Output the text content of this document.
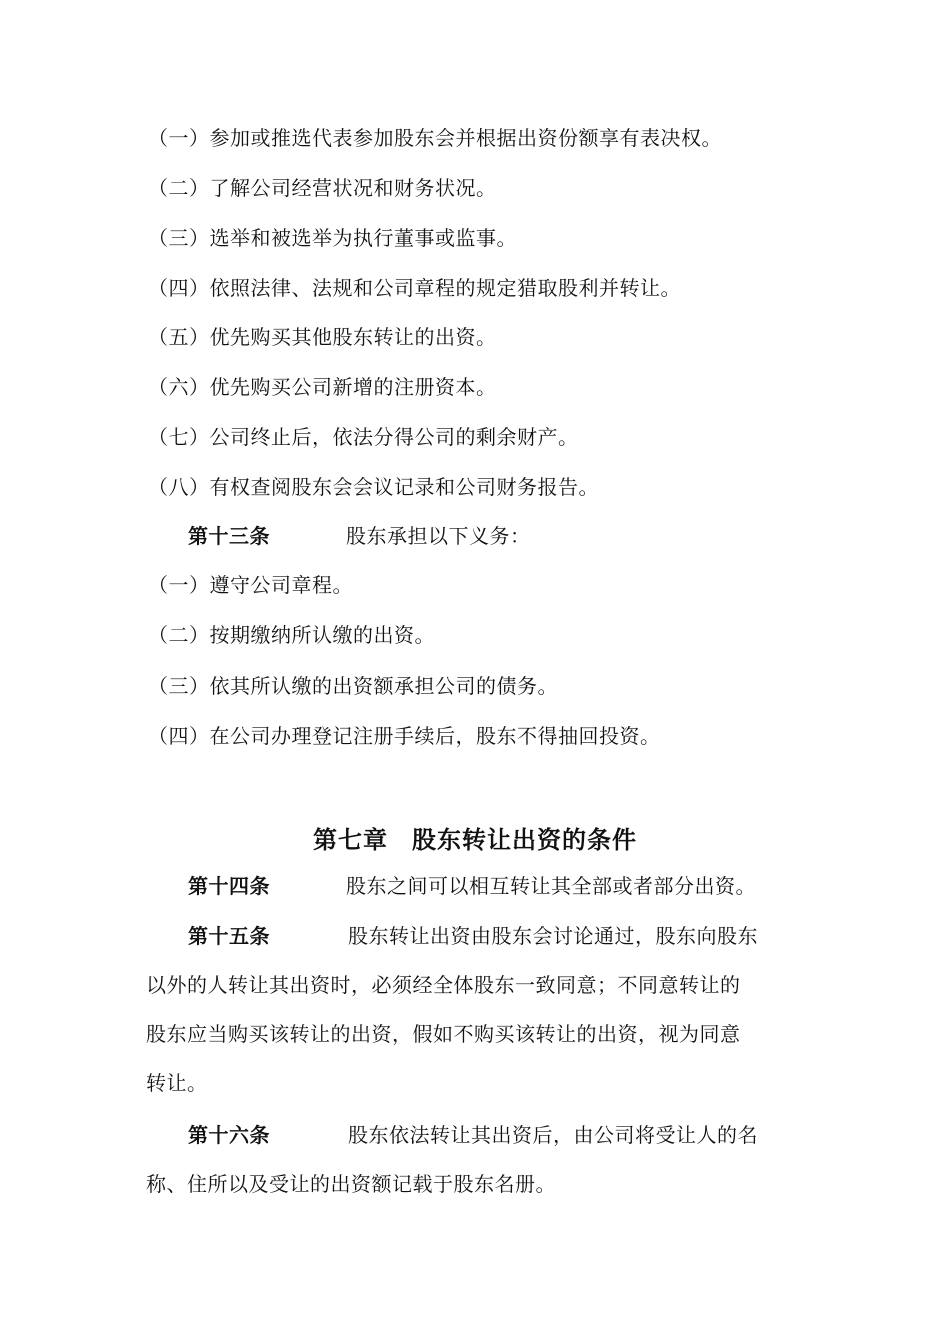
（一）参加或推选代表参加股东会并根据出资份额享有表决权。
（二）了解公司经营状况和财务状况。
（三）选举和被选举为执行董事或监事。
（四）依照法律、法规和公司章程的规定猎取股利并转让。
（五）优先购买其他股东转让的出资。
（六）优先购买公司新增的注册资本。
（七）公司终止后，依法分得公司的剩余财产。
（八）有权查阅股东会会议记录和公司财务报告。
第十三条	股东承担以下义务：
（一）遵守公司章程。
（二）按期缴纳所认缴的出资。
（三）依其所认缴的出资额承担公司的债务。
（四）在公司办理登记注册手续后，股东不得抽回投资。
第七章 股东转让出资的条件
第十四条	股东之间可以相互转让其全部或者部分出资。
第十五条	股东转让出资由股东会讨论通过，股东向股东
以外的人转让其出资时，必须经全体股东一致同意；不同意转让的
股东应当购买该转让的出资，假如不购买该转让的出资，视为同意
转让。
第十六条	股东依法转让其出资后，由公司将受让人的名
称、住所以及受让的出资额记载于股东名册。
